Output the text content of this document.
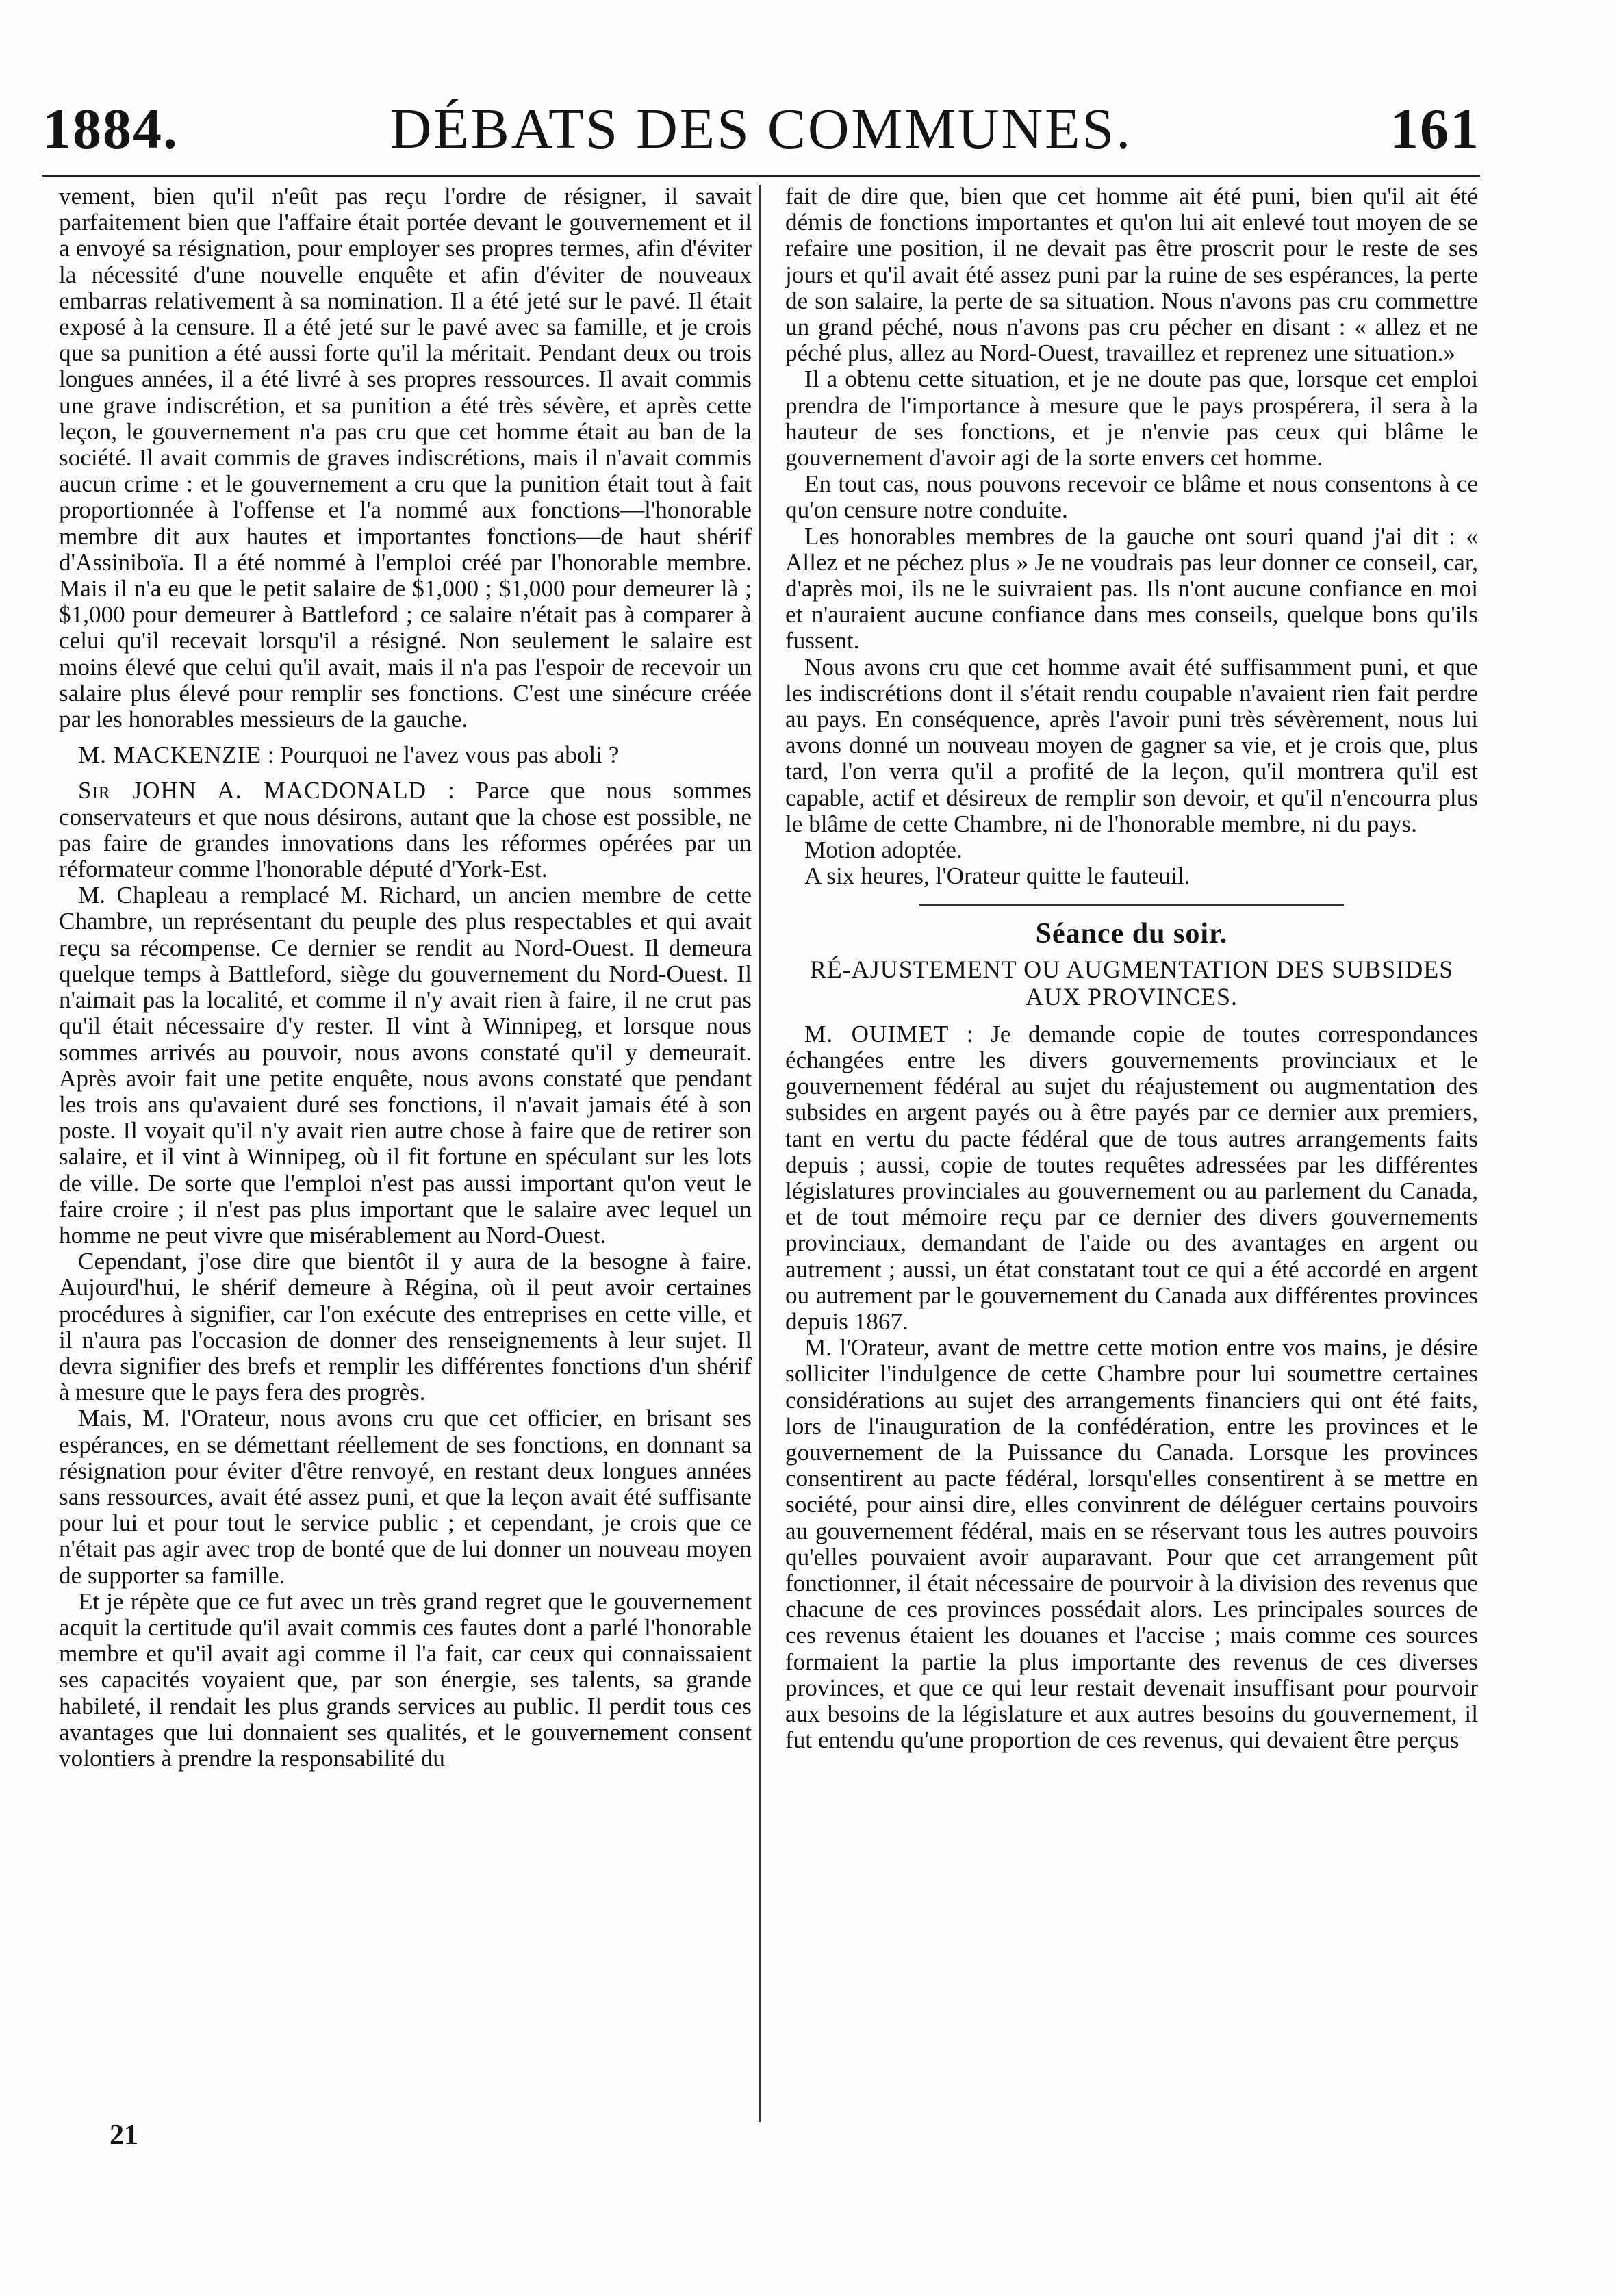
1884.	DÉBATS DES COMMUNES.	161

vement, bien qu'il n'eût pas reçu l'ordre de résigner, il savait parfaitement bien que l'affaire était portée devant le gouvernement et il a envoyé sa résignation, pour employer ses propres termes, afin d'éviter la nécessité d'une nouvelle enquête et afin d'éviter de nouveaux embarras relativement à sa nomination. Il a été jeté sur le pavé. Il était exposé à la censure. Il a été jeté sur le pavé avec sa famille, et je crois que sa punition a été aussi forte qu'il la méritait. Pendant deux ou trois longues années, il a été livré à ses propres ressources. Il avait commis une grave indiscrétion, et sa punition a été très sévère, et après cette leçon, le gouvernement n'a pas cru que cet homme était au ban de la société. Il avait commis de graves indiscrétions, mais il n'avait commis aucun crime : et le gouvernement a cru que la punition était tout à fait proportionnée à l'offense et l'a nommé aux fonctions—l'honorable membre dit aux hautes et importantes fonctions—de haut shérif d'Assiniboïa. Il a été nommé à l'emploi créé par l'honorable membre. Mais il n'a eu que le petit salaire de $1,000 ; $1,000 pour demeurer là ; $1,000 pour demeurer à Battleford ; ce salaire n'était pas à comparer à celui qu'il recevait lorsqu'il a résigné. Non seulement le salaire est moins élevé que celui qu'il avait, mais il n'a pas l'espoir de recevoir un salaire plus élevé pour remplir ses fonctions. C'est une sinécure créée par les honorables messieurs de la gauche.

M. MACKENZIE : Pourquoi ne l'avez vous pas aboli ?

Sir JOHN A. MACDONALD : Parce que nous sommes conservateurs et que nous désirons, autant que la chose est possible, ne pas faire de grandes innovations dans les réformes opérées par un réformateur comme l'honorable député d'York-Est.

M. Chapleau a remplacé M. Richard, un ancien membre de cette Chambre, un représentant du peuple des plus respectables et qui avait reçu sa récompense. Ce dernier se rendit au Nord-Ouest. Il demeura quelque temps à Battleford, siège du gouvernement du Nord-Ouest. Il n'aimait pas la localité, et comme il n'y avait rien à faire, il ne crut pas qu'il était nécessaire d'y rester. Il vint à Winnipeg, et lorsque nous sommes arrivés au pouvoir, nous avons constaté qu'il y demeurait. Après avoir fait une petite enquête, nous avons constaté que pendant les trois ans qu'avaient duré ses fonctions, il n'avait jamais été à son poste. Il voyait qu'il n'y avait rien autre chose à faire que de retirer son salaire, et il vint à Winnipeg, où il fit fortune en spéculant sur les lots de ville. De sorte que l'emploi n'est pas aussi important qu'on veut le faire croire ; il n'est pas plus important que le salaire avec lequel un homme ne peut vivre que misérablement au Nord-Ouest.

Cependant, j'ose dire que bientôt il y aura de la besogne à faire. Aujourd'hui, le shérif demeure à Régina, où il peut avoir certaines procédures à signifier, car l'on exécute des entreprises en cette ville, et il n'aura pas l'occasion de donner des renseignements à leur sujet. Il devra signifier des brefs et remplir les différentes fonctions d'un shérif à mesure que le pays fera des progrès.

Mais, M. l'Orateur, nous avons cru que cet officier, en brisant ses espérances, en se démettant réellement de ses fonctions, en donnant sa résignation pour éviter d'être renvoyé, en restant deux longues années sans ressources, avait été assez puni, et que la leçon avait été suffisante pour lui et pour tout le service public ; et cependant, je crois que ce n'était pas agir avec trop de bonté que de lui donner un nouveau moyen de supporter sa famille.

Et je répète que ce fut avec un très grand regret que le gouvernement acquit la certitude qu'il avait commis ces fautes dont a parlé l'honorable membre et qu'il avait agi comme il l'a fait, car ceux qui connaissaient ses capacités voyaient que, par son énergie, ses talents, sa grande habileté, il rendait les plus grands services au public. Il perdit tous ces avantages que lui donnaient ses qualités, et le gouvernement consent volontiers à prendre la responsabilité du

fait de dire que, bien que cet homme ait été puni, bien qu'il ait été démis de fonctions importantes et qu'on lui ait enlevé tout moyen de se refaire une position, il ne devait pas être proscrit pour le reste de ses jours et qu'il avait été assez puni par la ruine de ses espérances, la perte de son salaire, la perte de sa situation. Nous n'avons pas cru commettre un grand péché, nous n'avons pas cru pécher en disant : « allez et ne péché plus, allez au Nord-Ouest, travaillez et reprenez une situation.»

Il a obtenu cette situation, et je ne doute pas que, lorsque cet emploi prendra de l'importance à mesure que le pays prospérera, il sera à la hauteur de ses fonctions, et je n'envie pas ceux qui blâme le gouvernement d'avoir agi de la sorte envers cet homme.

En tout cas, nous pouvons recevoir ce blâme et nous consentons à ce qu'on censure notre conduite.

Les honorables membres de la gauche ont souri quand j'ai dit : « Allez et ne péchez plus » Je ne voudrais pas leur donner ce conseil, car, d'après moi, ils ne le suivraient pas. Ils n'ont aucune confiance en moi et n'auraient aucune confiance dans mes conseils, quelque bons qu'ils fussent.

Nous avons cru que cet homme avait été suffisamment puni, et que les indiscrétions dont il s'était rendu coupable n'avaient rien fait perdre au pays. En conséquence, après l'avoir puni très sévèrement, nous lui avons donné un nouveau moyen de gagner sa vie, et je crois que, plus tard, l'on verra qu'il a profité de la leçon, qu'il montrera qu'il est capable, actif et désireux de remplir son devoir, et qu'il n'encourra plus le blâme de cette Chambre, ni de l'honorable membre, ni du pays.

Motion adoptée.

A six heures, l'Orateur quitte le fauteuil.

Séance du soir.
RÉ-AJUSTEMENT OU AUGMENTATION DES SUBSIDES AUX PROVINCES.

M. OUIMET : Je demande copie de toutes correspondances échangées entre les divers gouvernements provinciaux et le gouvernement fédéral au sujet du réajustement ou augmentation des subsides en argent payés ou à être payés par ce dernier aux premiers, tant en vertu du pacte fédéral que de tous autres arrangements faits depuis ; aussi, copie de toutes requêtes adressées par les différentes législatures provinciales au gouvernement ou au parlement du Canada, et de tout mémoire reçu par ce dernier des divers gouvernements provinciaux, demandant de l'aide ou des avantages en argent ou autrement ; aussi, un état constatant tout ce qui a été accordé en argent ou autrement par le gouvernement du Canada aux différentes provinces depuis 1867.

M. l'Orateur, avant de mettre cette motion entre vos mains, je désire solliciter l'indulgence de cette Chambre pour lui soumettre certaines considérations au sujet des arrangements financiers qui ont été faits, lors de l'inauguration de la confédération, entre les provinces et le gouvernement de la Puissance du Canada. Lorsque les provinces consentirent au pacte fédéral, lorsqu'elles consentirent à se mettre en société, pour ainsi dire, elles convinrent de déléguer certains pouvoirs au gouvernement fédéral, mais en se réservant tous les autres pouvoirs qu'elles pouvaient avoir auparavant. Pour que cet arrangement pût fonctionner, il était nécessaire de pourvoir à la division des revenus que chacune de ces provinces possédait alors. Les principales sources de ces revenus étaient les douanes et l'accise ; mais comme ces sources formaient la partie la plus importante des revenus de ces diverses provinces, et que ce qui leur restait devenait insuffisant pour pourvoir aux besoins de la législature et aux autres besoins du gouvernement, il fut entendu qu'une proportion de ces revenus, qui devaient être perçus

21
